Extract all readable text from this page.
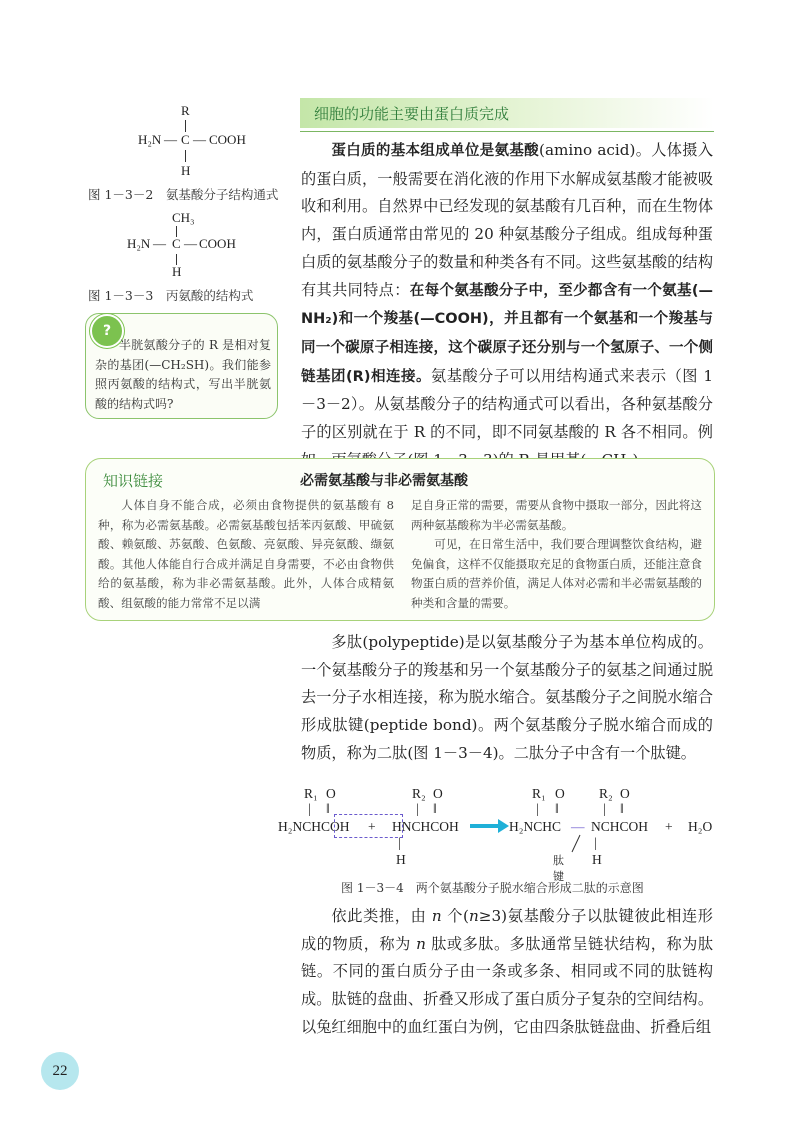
R
H₂N — C — COOH
H
图 1－3－2　氨基酸分子结构通式
CH₃
H₂N — C — COOH
H
图 1－3－3　丙氨酸的结构式
?
半胱氨酸分子的 R 是相对复杂的基团(—CH₂SH)。我们能参照丙氨酸的结构式，写出半胱氨酸的结构式吗?
细胞的功能主要由蛋白质完成
蛋白质的基本组成单位是氨基酸(amino acid)。人体摄入的蛋白质，一般需要在消化液的作用下水解成氨基酸才能被吸收和利用。自然界中已经发现的氨基酸有几百种，而在生物体内，蛋白质通常由常见的 20 种氨基酸分子组成。组成每种蛋白质的氨基酸分子的数量和种类各有不同。这些氨基酸的结构有其共同特点：在每个氨基酸分子中，至少都含有一个氨基(—NH₂)和一个羧基(—COOH)，并且都有一个氨基和一个羧基与同一个碳原子相连接，这个碳原子还分别与一个氢原子、一个侧链基团(R)相连接。氨基酸分子可以用结构通式来表示（图 1－3－2）。从氨基酸分子的结构通式可以看出，各种氨基酸分子的区别就在于 R 的不同，即不同氨基酸的 R 各不相同。例
知识链接	必需氨基酸与非必需氨基酸
人体自身不能合成，必须由食物提供的氨基酸有 8 种，称为必需氨基酸。必需氨基酸包括苯丙氨酸、甲硫氨酸、赖氨酸、苏氨酸、色氨酸、亮氨酸、异亮氨酸、缬氨酸。其他人体能自行合成并满足自身需要，不必由食物供给的氨基酸，称为非必需氨基酸。此外，人体合成精氨酸、组氨酸的能力常常不足以满
足自身正常的需要，需要从食物中摄取一部分，因此将这两种氨基酸称为半必需氨基酸。
可见，在日常生活中，我们要合理调整饮食结构，避免偏食，这样不仅能摄取充足的食物蛋白质，还能注意食物蛋白质的营养价值，满足人体对必需和半必需氨基酸的种类和含量的需要。
多肽(polypeptide)是以氨基酸分子为基本单位构成的。一个氨基酸分子的羧基和另一个氨基酸分子的氨基之间通过脱去一分子水相连接，称为脱水缩合。氨基酸分子之间脱水缩合形成肽键(peptide bond)。两个氨基酸分子脱水缩合而成的物质，称为二肽(图 1－3－4)。二肽分子中含有一个肽键。
R₁ O
| ‖
H₂NCHCOH +
R₂ O
| ‖
HNCHCOH
|
H
R₁ O
| ‖
H₂NCHC — NCHCOH
R₂ O
| ‖
|
H
+ H₂O
肽键
图 1－3－4　两个氨基酸分子脱水缩合形成二肽的示意图
依此类推，由 n 个(n≥3)氨基酸分子以肽键彼此相连形成的物质，称为 n 肽或多肽。多肽通常呈链状结构，称为肽链。不同的蛋白质分子由一条或多条、相同或不同的肽链构成。肽链的盘曲、折叠又形成了蛋白质分子复杂的空间结构。以兔红细胞中的血红蛋白为例，它由四条肽链盘曲、折叠后组
22
